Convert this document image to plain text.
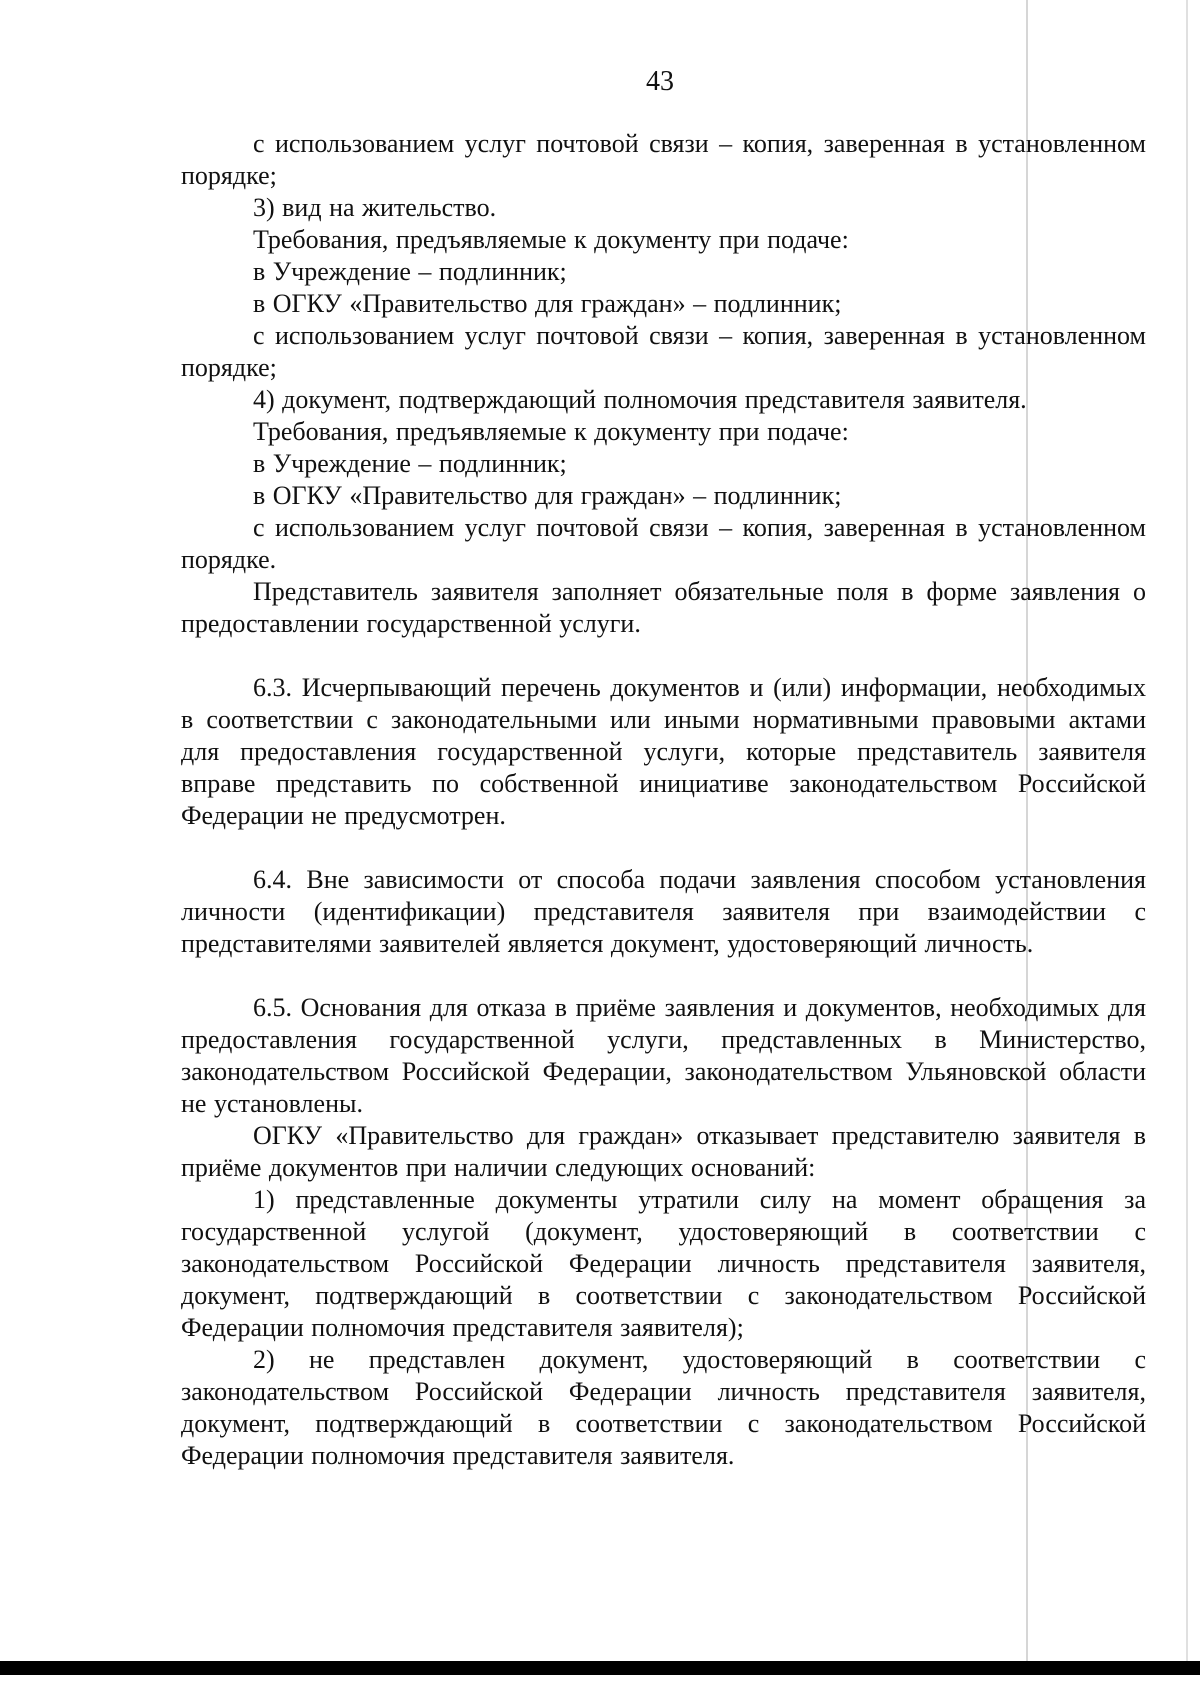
43

с использованием услуг почтовой связи – копия, заверенная в установленном порядке;

3) вид на жительство.

Требования, предъявляемые к документу при подаче:

в Учреждение – подлинник;

в ОГКУ «Правительство для граждан» – подлинник;

с использованием услуг почтовой связи – копия, заверенная в установленном порядке;

4) документ, подтверждающий полномочия представителя заявителя.

Требования, предъявляемые к документу при подаче:

в Учреждение – подлинник;

в ОГКУ «Правительство для граждан» – подлинник;

с использованием услуг почтовой связи – копия, заверенная в установленном порядке.

Представитель заявителя заполняет обязательные поля в форме заявления о предоставлении государственной услуги.

6.3. Исчерпывающий перечень документов и (или) информации, необходимых в соответствии с законодательными или иными нормативными правовыми актами для предоставления государственной услуги, которые представитель заявителя вправе представить по собственной инициативе законодательством Российской Федерации не предусмотрен.

6.4. Вне зависимости от способа подачи заявления способом установления личности (идентификации) представителя заявителя при взаимодействии с представителями заявителей является документ, удостоверяющий личность.

6.5. Основания для отказа в приёме заявления и документов, необходимых для предоставления государственной услуги, представленных в Министерство, законодательством Российской Федерации, законодательством Ульяновской области не установлены.

ОГКУ «Правительство для граждан» отказывает представителю заявителя в приёме документов при наличии следующих оснований:

1) представленные документы утратили силу на момент обращения за государственной услугой (документ, удостоверяющий в соответствии с законодательством Российской Федерации личность представителя заявителя, документ, подтверждающий в соответствии с законодательством Российской Федерации полномочия представителя заявителя);

2) не представлен документ, удостоверяющий в соответствии с законодательством Российской Федерации личность представителя заявителя, документ, подтверждающий в соответствии с законодательством Российской Федерации полномочия представителя заявителя.
